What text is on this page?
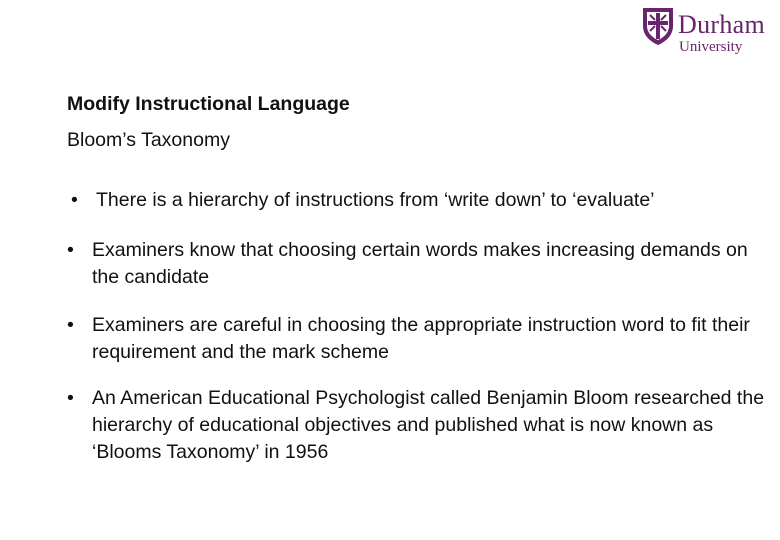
Durham
University
Modify Instructional Language
Bloom’s Taxonomy
• There is a hierarchy of instructions from ‘write down’ to ‘evaluate’
• Examiners know that choosing certain words makes increasing demands on the candidate
• Examiners are careful in choosing the appropriate instruction word to fit their requirement and the mark scheme
• An American Educational Psychologist called Benjamin Bloom researched the hierarchy of educational objectives and published what is now known as ‘Blooms Taxonomy’ in 1956
